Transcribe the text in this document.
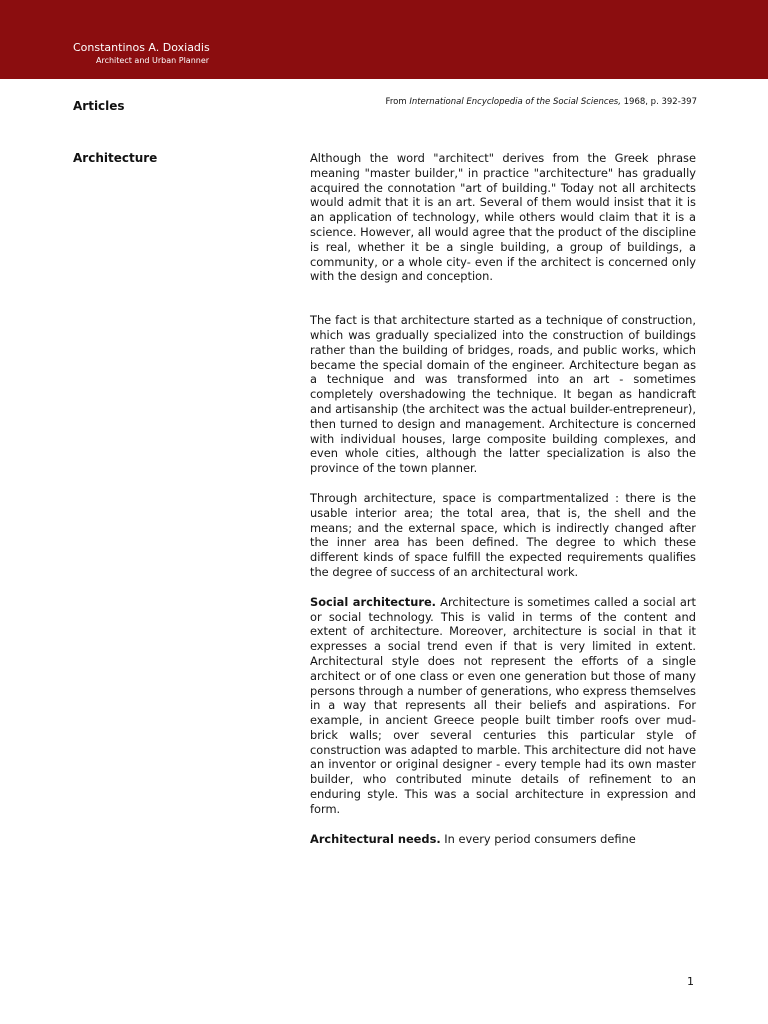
Constantinos A. Doxiadis
Architect and Urban Planner
Articles	From International Encyclopedia of the Social Sciences, 1968, p. 392-397
Architecture	Although the word "architect" derives from the Greek phrase meaning "master builder," in practice "architecture" has gradually acquired the connotation "art of building." Today not all architects would admit that it is an art. Several of them would insist that it is an application of technology, while others would claim that it is a science. However, all would agree that the product of the discipline is real, whether it be a single building, a group of buildings, a community, or a whole city- even if the architect is concerned only with the design and conception.

The fact is that architecture started as a technique of construction, which was gradually specialized into the construction of buildings rather than the building of bridges, roads, and public works, which became the special domain of the engineer. Architecture began as a technique and was transformed into an art - sometimes completely overshadowing the technique. It began as handicraft and artisanship (the architect was the actual builder-entrepreneur), then turned to design and management. Architecture is concerned with individual houses, large composite building complexes, and even whole cities, although the latter specialization is also the province of the town planner.

Through architecture, space is compartmentalized : there is the usable interior area; the total area, that is, the shell and the means; and the external space, which is indirectly changed after the inner area has been defined. The degree to which these different kinds of space fulfill the expected requirements qualifies the degree of success of an architectural work.

Social architecture. Architecture is sometimes called a social art or social technology. This is valid in terms of the content and extent of architecture. Moreover, architecture is social in that it expresses a social trend even if that is very limited in extent. Architectural style does not represent the efforts of a single architect or of one class or even one generation but those of many persons through a number of generations, who express themselves in a way that represents all their beliefs and aspirations. For example, in ancient Greece people built timber roofs over mud-brick walls; over several centuries this particular style of construction was adapted to marble. This architecture did not have an inventor or original designer - every temple had its own master builder, who contributed minute details of refinement to an enduring style. This was a social architecture in expression and form.

Architectural needs. In every period consumers define

1
